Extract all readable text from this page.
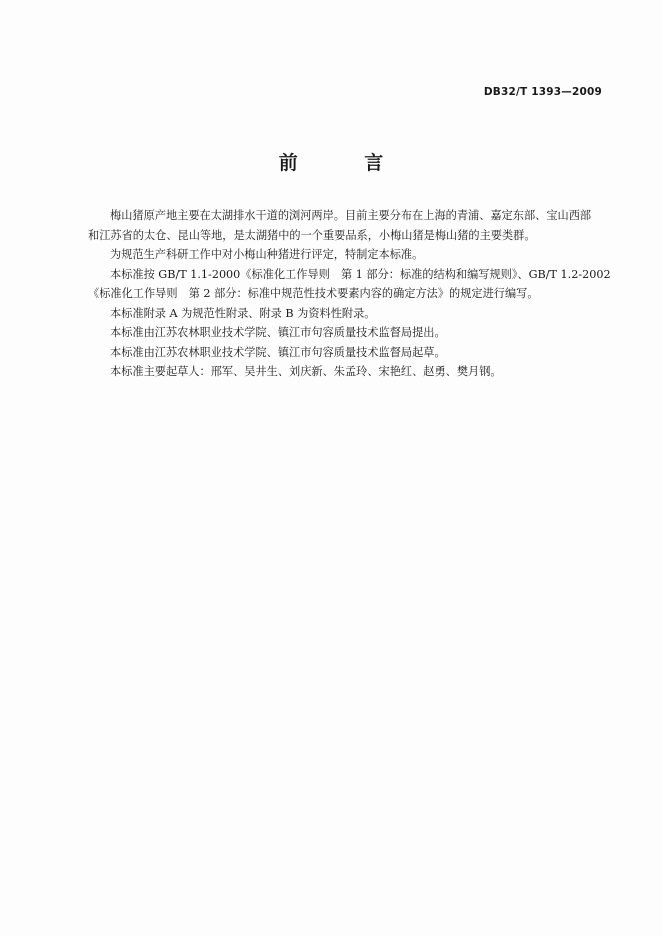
DB32/T 1393—2009
前 言

梅山猪原产地主要在太湖排水干道的浏河两岸。目前主要分布在上海的青浦、嘉定东部、宝山西部

和江苏省的太仓、昆山等地，是太湖猪中的一个重要品系，小梅山猪是梅山猪的主要类群。

为规范生产科研工作中对小梅山种猪进行评定，特制定本标准。

本标准按 GB/T 1.1-2000《标准化工作导则　第 1 部分：标准的结构和编写规则》、GB/T 1.2-2002

《标准化工作导则　第 2 部分：标准中规范性技术要素内容的确定方法》的规定进行编写。

本标准附录 A 为规范性附录、附录 B 为资料性附录。

本标准由江苏农林职业技术学院、镇江市句容质量技术监督局提出。

本标准由江苏农林职业技术学院、镇江市句容质量技术监督局起草。

本标准主要起草人：邢军、吴井生、刘庆新、朱孟玲、宋艳红、赵勇、樊月钢。
